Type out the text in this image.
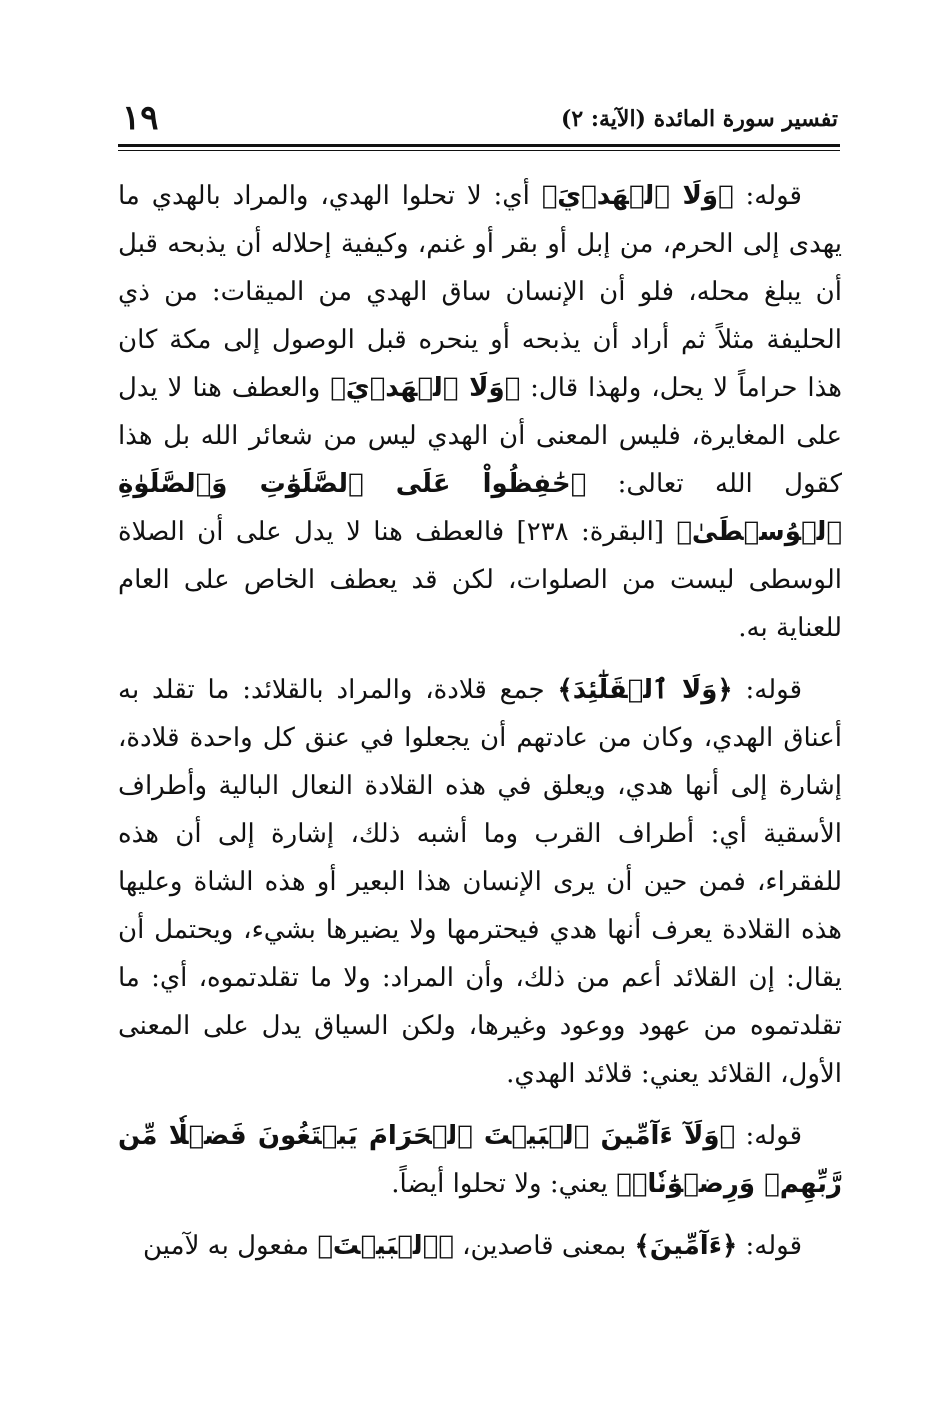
تفسير سورة المائدة (الآية: ٢)
١٩

قوله: ﴿وَلَا ٱلۡهَدۡيَ﴾ أي: لا تحلوا الهدي، والمراد بالهدي ما يهدى إلى الحرم، من إبل أو بقر أو غنم، وكيفية إحلاله أن يذبحه قبل أن يبلغ محله، فلو أن الإنسان ساق الهدي من الميقات: من ذي الحليفة مثلاً ثم أراد أن يذبحه أو ينحره قبل الوصول إلى مكة كان هذا حراماً لا يحل، ولهذا قال: ﴿وَلَا ٱلۡهَدۡيَ﴾ والعطف هنا لا يدل على المغايرة، فليس المعنى أن الهدي ليس من شعائر الله بل هذا كقول الله تعالى: ﴿حَٰفِظُواْ عَلَى ٱلصَّلَوَٰتِ وَٱلصَّلَوٰةِ ٱلۡوُسۡطَىٰ﴾ [البقرة: ٢٣٨] فالعطف هنا لا يدل على أن الصلاة الوسطى ليست من الصلوات، لكن قد يعطف الخاص على العام للعناية به.

قوله: ﴿وَلَا ٱلۡقَلَٰٓئِدَ﴾ جمع قلادة، والمراد بالقلائد: ما تقلد به أعناق الهدي، وكان من عادتهم أن يجعلوا في عنق كل واحدة قلادة، إشارة إلى أنها هدي، ويعلق في هذه القلادة النعال البالية وأطراف الأسقية أي: أطراف القرب وما أشبه ذلك، إشارة إلى أن هذه للفقراء، فمن حين أن يرى الإنسان هذا البعير أو هذه الشاة وعليها هذه القلادة يعرف أنها هدي فيحترمها ولا يضيرها بشيء، ويحتمل أن يقال: إن القلائد أعم من ذلك، وأن المراد: ولا ما تقلدتموه، أي: ما تقلدتموه من عهود ووعود وغيرها، ولكن السياق يدل على المعنى الأول، القلائد يعني: قلائد الهدي.

قوله: ﴿وَلَآ ءَآمِّينَ ٱلۡبَيۡتَ ٱلۡحَرَامَ يَبۡتَغُونَ فَضۡلٗا مِّن رَّبِّهِمۡ وَرِضۡوَٰنٗاۚ﴾ يعني: ولا تحلوا أيضاً.

قوله: ﴿ءَآمِّينَ﴾ بمعنى قاصدين، ﴿ٱلۡبَيۡتَ﴾ مفعول به لآمين
